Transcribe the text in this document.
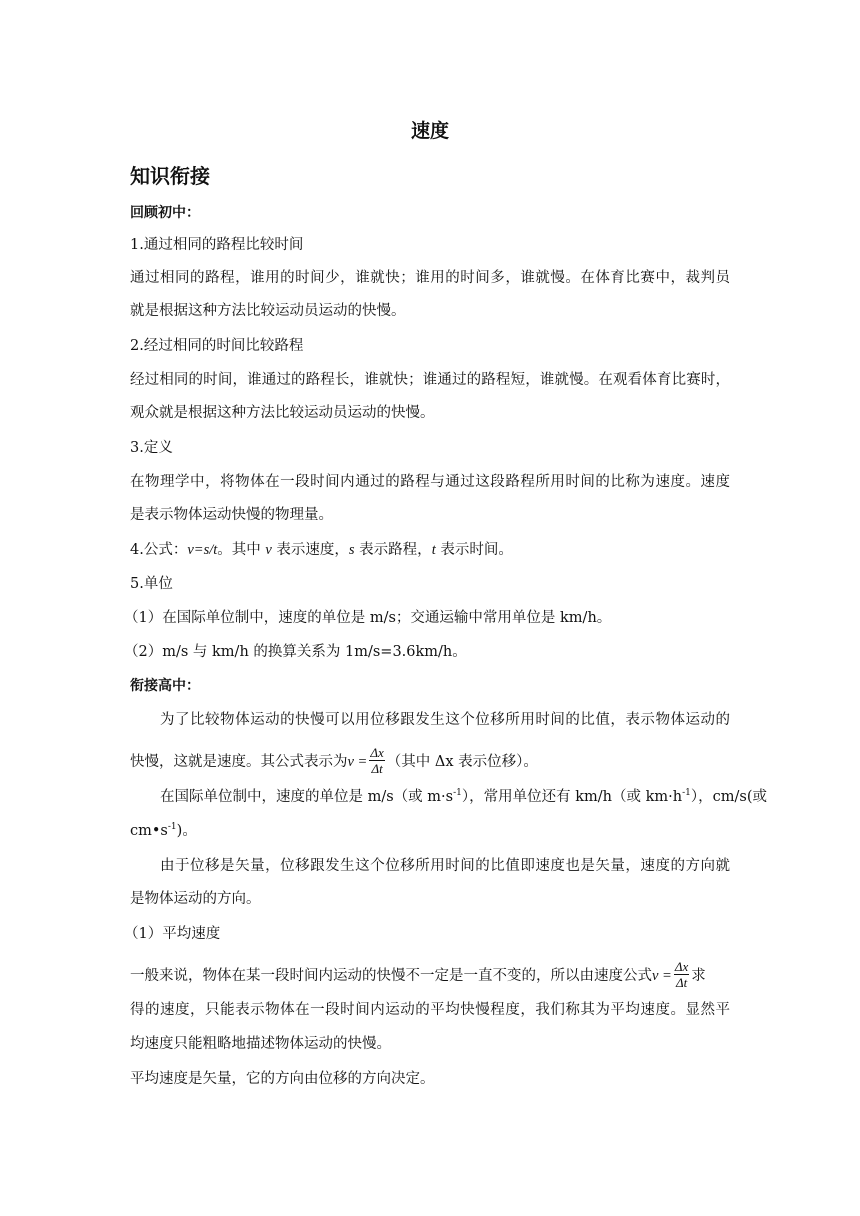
速度
知识衔接

回顾初中：

1.通过相同的路程比较时间

通过相同的路程，谁用的时间少，谁就快；谁用的时间多，谁就慢。在体育比赛中，裁判员

就是根据这种方法比较运动员运动的快慢。

2.经过相同的时间比较路程

经过相同的时间，谁通过的路程长，谁就快；谁通过的路程短，谁就慢。在观看体育比赛时，

观众就是根据这种方法比较运动员运动的快慢。

3.定义

在物理学中，将物体在一段时间内通过的路程与通过这段路程所用时间的比称为速度。速度

是表示物体运动快慢的物理量。

4.公式：v=s/t。其中 v 表示速度，s 表示路程，t 表示时间。

5.单位

（1）在国际单位制中，速度的单位是 m/s；交通运输中常用单位是 km/h。

（2）m/s 与 km/h 的换算关系为 1m/s=3.6km/h。

衔接高中：

为了比较物体运动的快慢可以用位移跟发生这个位移所用时间的比值，表示物体运动的

快慢，这就是速度。其公式表示为$v = \frac{\Delta x}{\Delta t}$ （其中 Δx 表示位移）。

在国际单位制中，速度的单位是 m/s（或 $m\cdot s^{-1}$），常用单位还有 km/h（或 $km\cdot h^{-1}$），cm/s(或

$cm•s^{-1}$)。

由于位移是矢量，位移跟发生这个位移所用时间的比值即速度也是矢量，速度的方向就

是物体运动的方向。

（1）平均速度

一般来说，物体在某一段时间内运动的快慢不一定是一直不变的，所以由速度公式$v = \frac{\Delta x}{\Delta t}$ 求

得的速度，只能表示物体在一段时间内运动的平均快慢程度，我们称其为平均速度。显然平

均速度只能粗略地描述物体运动的快慢。

平均速度是矢量，它的方向由位移的方向决定。
